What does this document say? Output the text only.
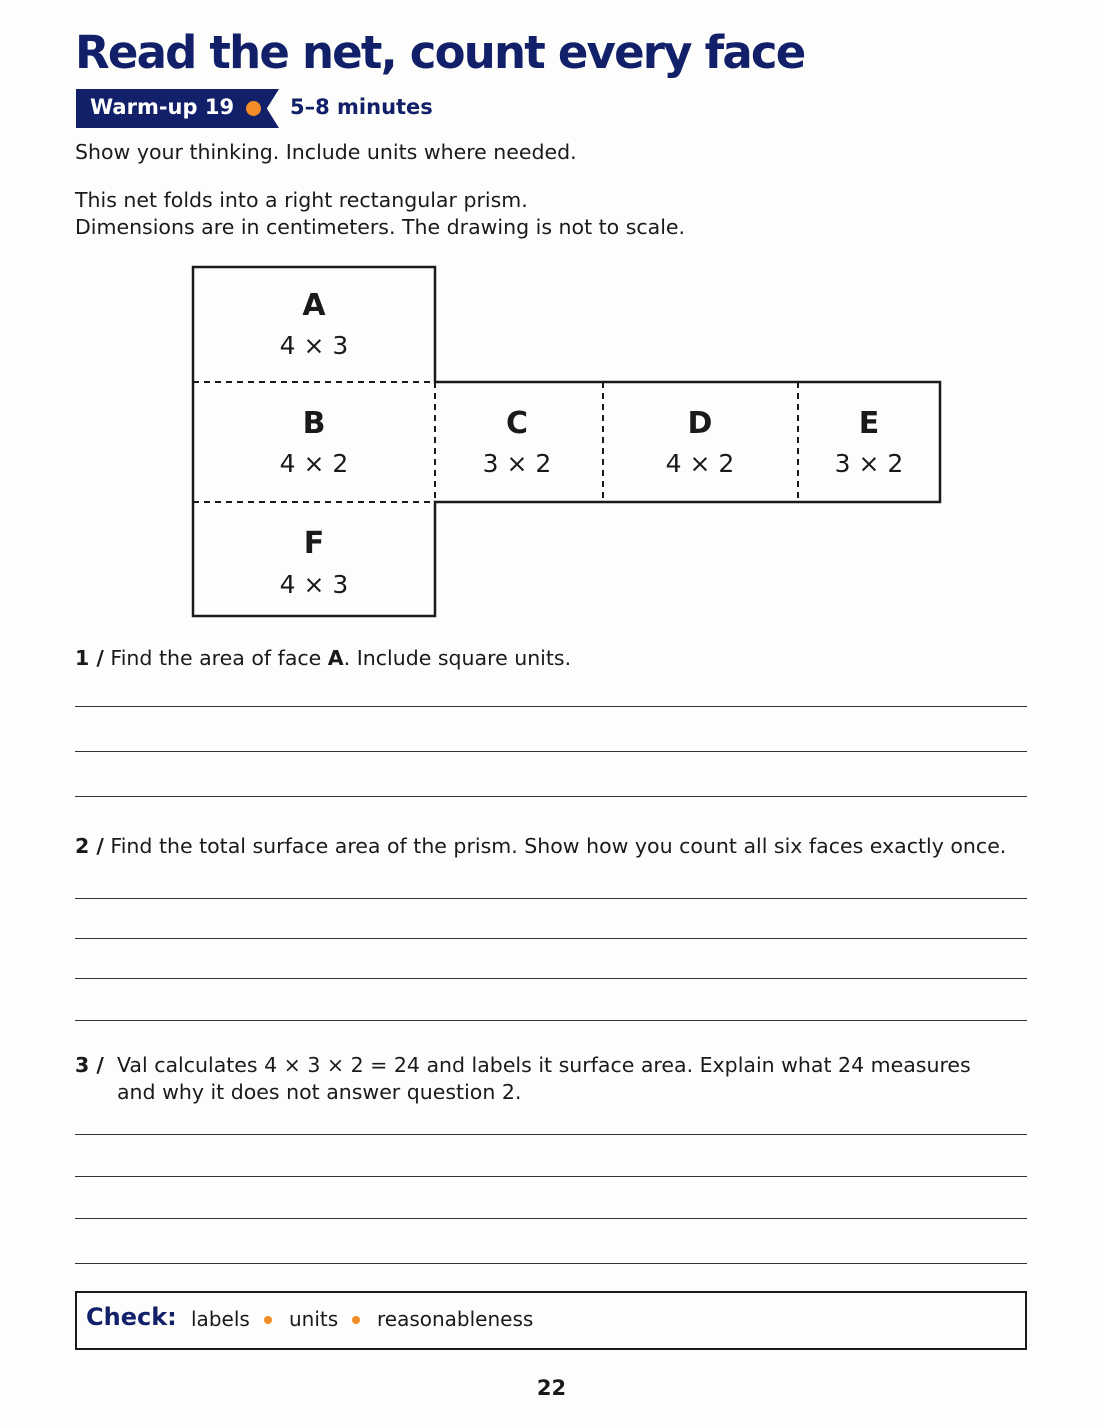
Read the net, count every face
Warm-up 19	5–8 minutes
Show your thinking. Include units where needed.
This net folds into a right rectangular prism.
Dimensions are in centimeters. The drawing is not to scale.
A
4 × 3
B
4 × 2
C
3 × 2
D
4 × 2
E
3 × 2
F
4 × 3
1 / Find the area of face A. Include square units.
2 / Find the total surface area of the prism. Show how you count all six faces exactly once.
3 / Val calculates 4 × 3 × 2 = 24 and labels it surface area. Explain what 24 measures
and why it does not answer question 2.
Check: labels units reasonableness
22
